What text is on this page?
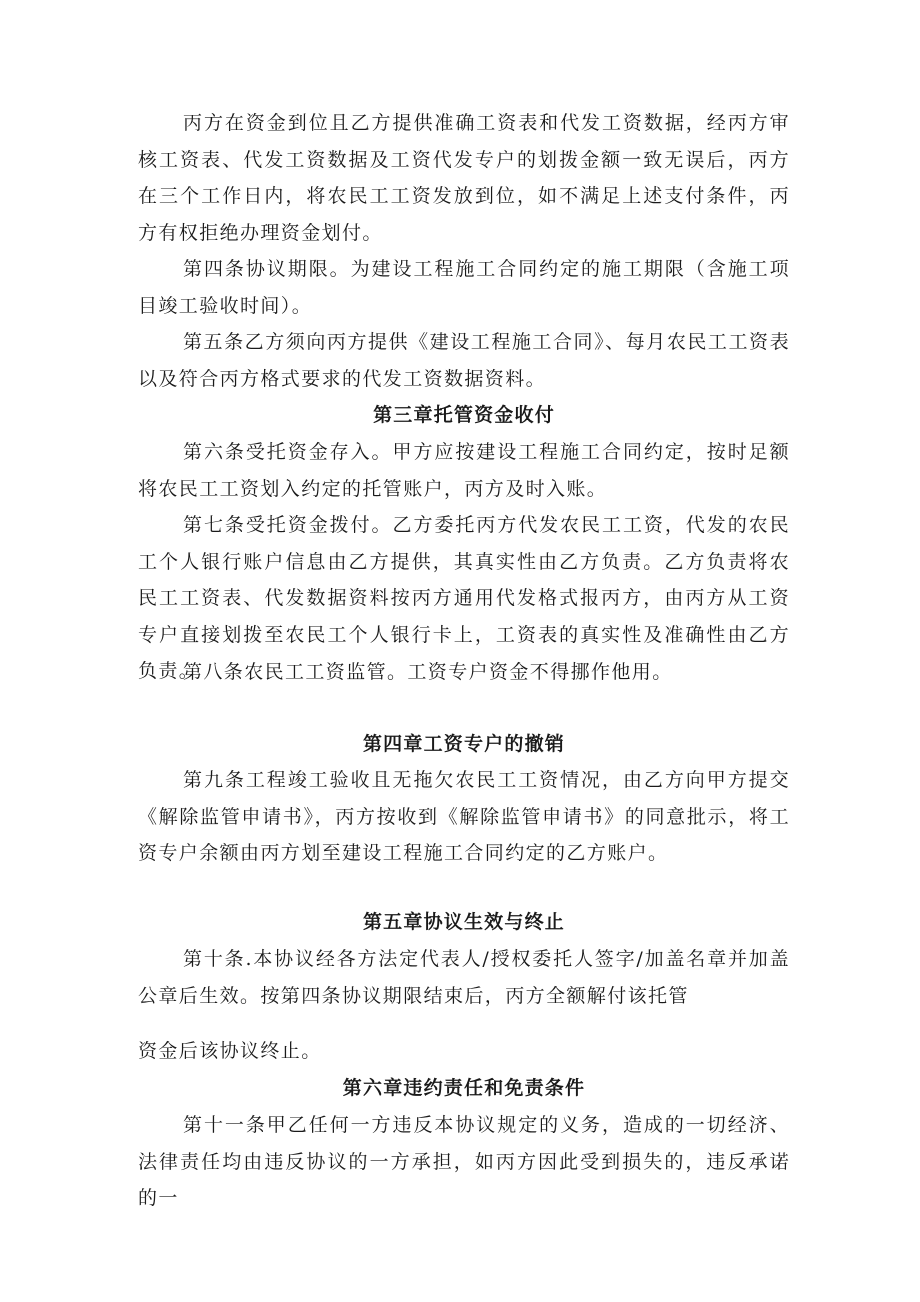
丙方在资金到位且乙方提供准确工资表和代发工资数据，经丙方审核工资表、代发工资数据及工资代发专户的划拨金额一致无误后，丙方在三个工作日内，将农民工工资发放到位，如不满足上述支付条件，丙方有权拒绝办理资金划付。

第四条协议期限。为建设工程施工合同约定的施工期限（含施工项目竣工验收时间）。

第五条乙方须向丙方提供《建设工程施工合同》、每月农民工工资表以及符合丙方格式要求的代发工资数据资料。

第三章托管资金收付

第六条受托资金存入。甲方应按建设工程施工合同约定，按时足额将农民工工资划入约定的托管账户，丙方及时入账。

第七条受托资金拨付。乙方委托丙方代发农民工工资，代发的农民工个人银行账户信息由乙方提供，其真实性由乙方负责。乙方负责将农民工工资表、代发数据资料按丙方通用代发格式报丙方，由丙方从工资专户直接划拨至农民工个人银行卡上，工资表的真实性及准确性由乙方负责。

第八条农民工工资监管。工资专户资金不得挪作他用。

第四章工资专户的撤销

第九条工程竣工验收且无拖欠农民工工资情况，由乙方向甲方提交《解除监管申请书》，丙方按收到《解除监管申请书》的同意批示，将工资专户余额由丙方划至建设工程施工合同约定的乙方账户。

第五章协议生效与终止

第十条.本协议经各方法定代表人/授权委托人签字/加盖名章并加盖公章后生效。按第四条协议期限结束后，丙方全额解付该托管

资金后该协议终止。

第六章违约责任和免责条件

第十一条甲乙任何一方违反本协议规定的义务，造成的一切经济、法律责任均由违反协议的一方承担，如丙方因此受到损失的，违反承诺的一
